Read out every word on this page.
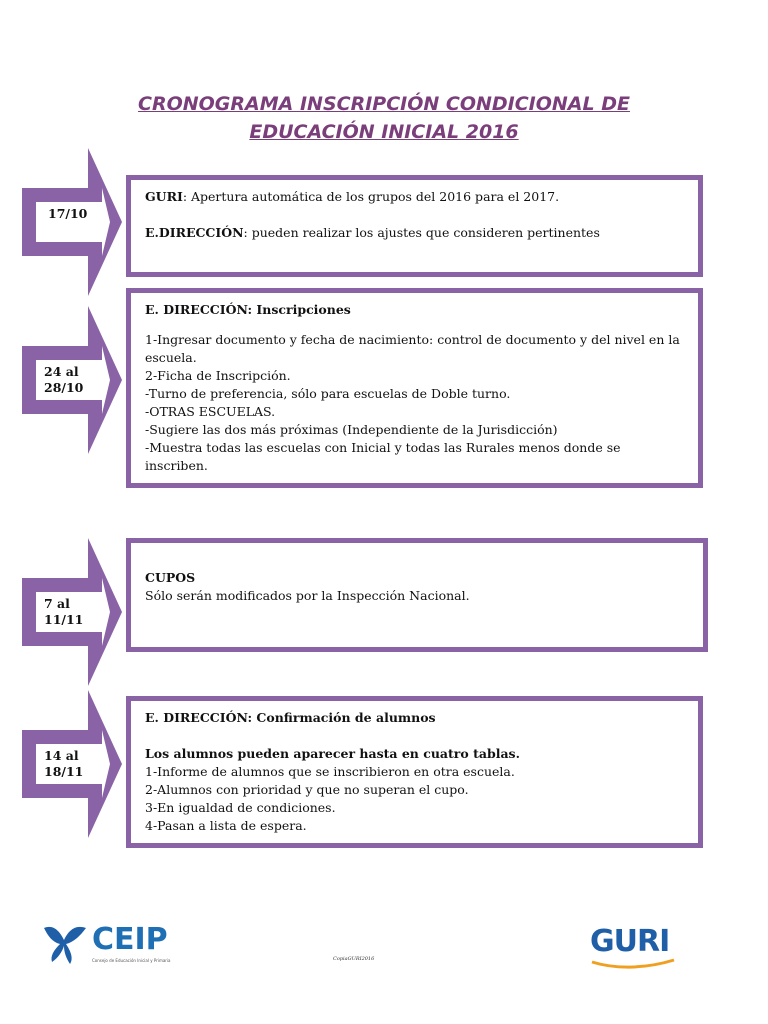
CRONOGRAMA INSCRIPCIÓN CONDICIONAL DE
EDUCACIÓN INICIAL 2016
17/10

GURI: Apertura automática de los grupos del 2016 para el 2017.

E.DIRECCIÓN: pueden realizar los ajustes que consideren pertinentes

24 al
28/10

E. DIRECCIÓN: Inscripciones

1-Ingresar documento y fecha de nacimiento: control de documento y del nivel en la

escuela.

2-Ficha de Inscripción.

-Turno de preferencia, sólo para escuelas de Doble turno.

-OTRAS ESCUELAS.

-Sugiere las dos más próximas (Independiente de la Jurisdicción)

-Muestra todas las escuelas con Inicial y todas las Rurales menos donde se

inscriben.

7 al
11/11

CUPOS

Sólo serán modificados por la Inspección Nacional.

14 al
18/11

E. DIRECCIÓN: Confirmación de alumnos

Los alumnos pueden aparecer hasta en cuatro tablas.

1-Informe de alumnos que se inscribieron en otra escuela.

2-Alumnos con prioridad y que no superan el cupo.

3-En igualdad de condiciones.

4-Pasan a lista de espera.

CEIP
Consejo de Educación Inicial y Primaria	CopiaGURI2016	GURI
